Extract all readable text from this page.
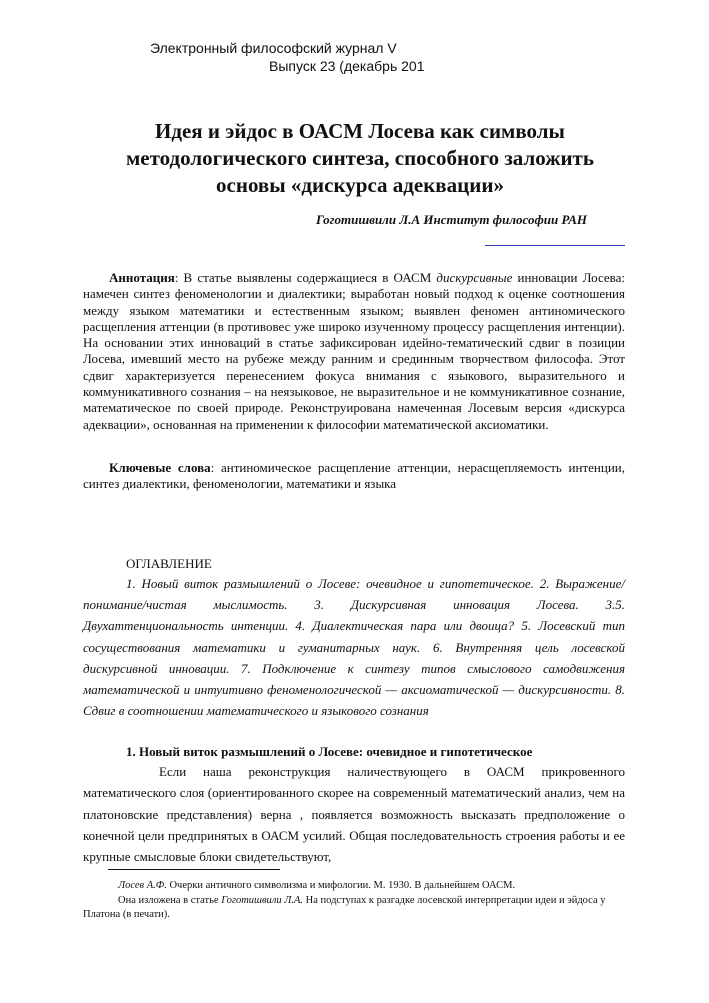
Электронный философский журнал V
Выпуск 23 (декабрь 201
Идея и эйдос в ОАСМ Лосева как символы
методологического синтеза, способного заложить
основы «дискурса адеквации»
Гоготишвили Л.А Институт философии РАН
Аннотация: В статье выявлены содержащиеся в ОАСМ дискурсивные инновации Лосева: намечен синтез феноменологии и диалектики; выработан новый подход к оценке соотношения между языком математики и естественным языком; выявлен феномен антиномического расщепления аттенции (в противовес уже широко изученному процессу расщепления интенции). На основании этих инноваций в статье зафиксирован идейно-тематический сдвиг в позиции Лосева, имевший место на рубеже между ранним и срединным творчеством философа. Этот сдвиг характеризуется перенесением фокуса внимания с языкового, выразительного и коммуникативного сознания – на неязыковое, не выразительное и не коммуникативное сознание, математическое по своей природе. Реконструирована намеченная Лосевым версия «дискурса адеквации», основанная на применении к философии математической аксиоматики.
Ключевые слова: антиномическое расщепление аттенции, нерасщепляемость интенции, синтез диалектики, феноменологии, математики и языка
ОГЛАВЛЕНИЕ
1. Новый виток размышлений о Лосеве: очевидное и гипотетическое. 2. Выражение/понимание/чистая мыслимость. 3. Дискурсивная инновация Лосева. 3.5. Двухаттенциональность интенции. 4. Диалектическая пара или двоица? 5. Лосевский тип сосуществования математики и гуманитарных наук. 6. Внутренняя цель лосевской дискурсивной инновации. 7. Подключение к синтезу типов смыслового самодвижения математической и интуитивно феноменологической — аксиоматической — дискурсивности. 8. Сдвиг в соотношении математического и языкового сознания
1. Новый виток размышлений о Лосеве: очевидное и гипотетическое
Если наша реконструкция наличествующего в ОАСМ прикровенного математического слоя (ориентированного скорее на современный математический анализ, чем на платоновские представления) верна , появляется возможность высказать предположение о конечной цели предпринятых в ОАСМ усилий. Общая последовательность строения работы и ее крупные смысловые блоки свидетельствуют,
Лосев А.Ф. Очерки античного символизма и мифологии. М. 1930. В дальнейшем ОАСМ.
Она изложена в статье Гоготишвили Л.А. На подступах к разгадке лосевской интерпретации идеи и эйдоса у Платона (в печати).
